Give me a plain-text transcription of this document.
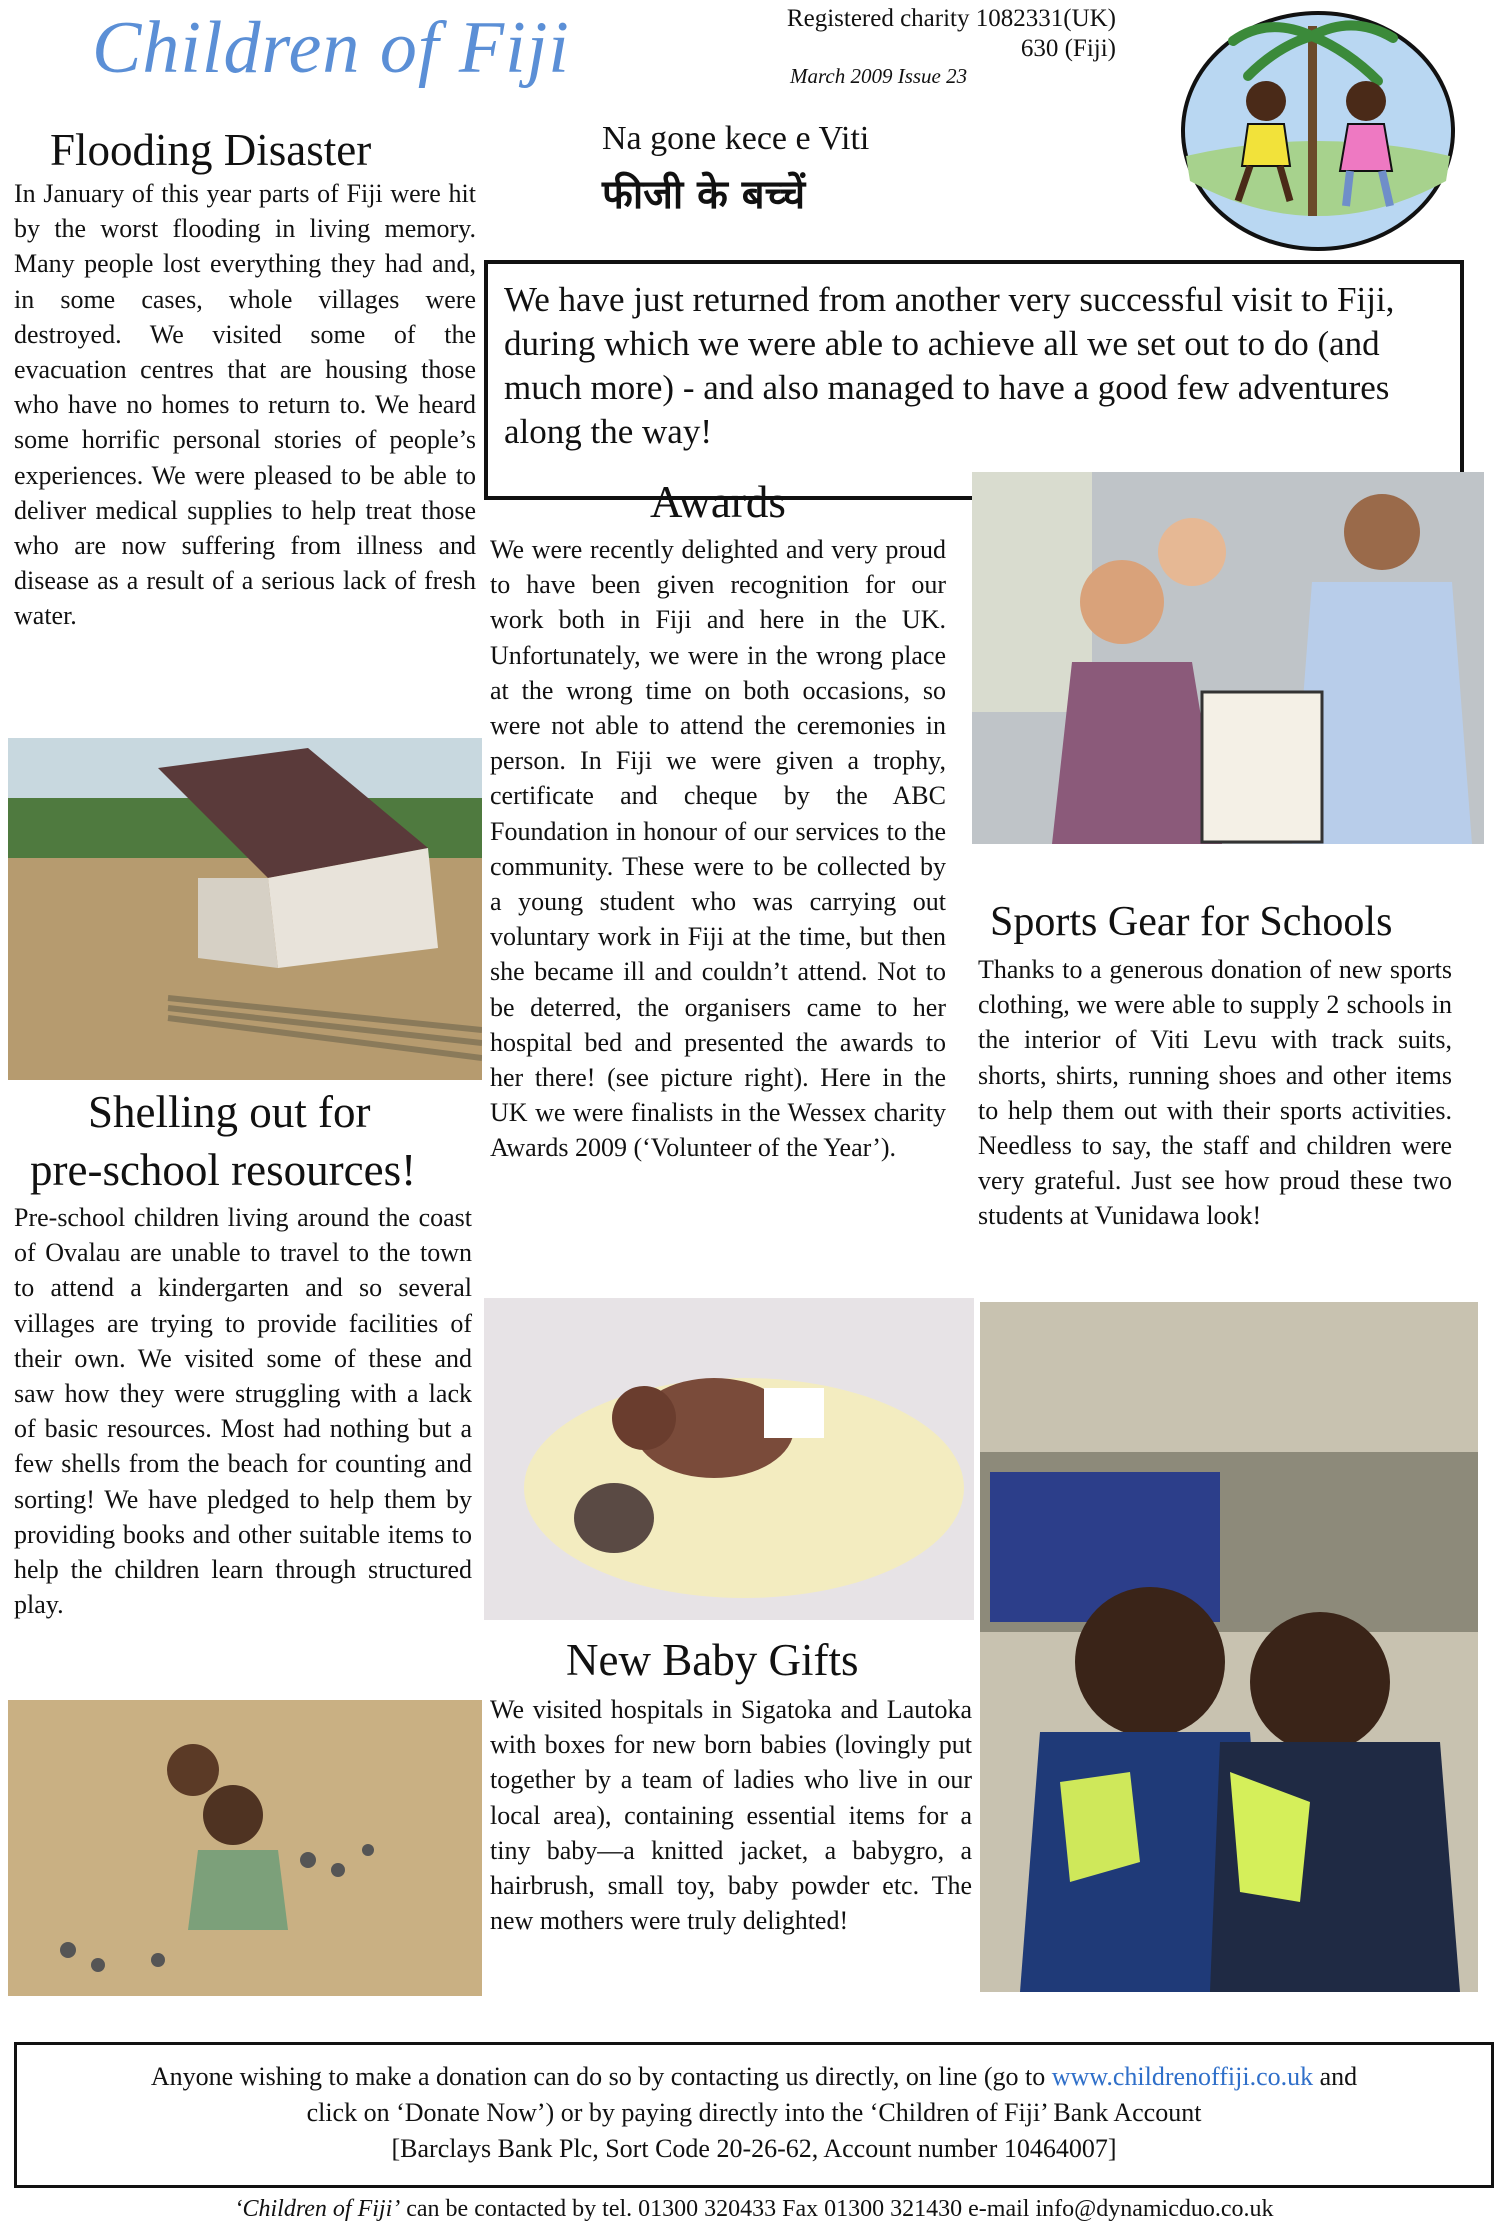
Children of Fiji	Registered charity 1082331(UK)
630 (Fiji)
March 2009 Issue 23
Na gone kece e Viti
फीजी के बच्चें
Flooding Disaster
In January of this year parts of Fiji were hit by the worst flooding in living memory. Many people lost everything they had and, in some cases, whole villages were destroyed. We visited some of the evacuation centres that are housing those who have no homes to return to. We heard some horrific personal stories of people’s experiences. We were pleased to be able to deliver medical supplies to help treat those who are now suffering from illness and disease as a result of a serious lack of fresh water.
We have just returned from another very successful visit to Fiji, during which we were able to achieve all we set out to do (and much more) - and also managed to have a good few adventures along the way!
Awards
We were recently delighted and very proud to have been given recognition for our work both in Fiji and here in the UK. Unfortunately, we were in the wrong place at the wrong time on both occasions, so were not able to attend the ceremonies in person. In Fiji we were given a trophy, certificate and cheque by the ABC Foundation in honour of our services to the community. These were to be collected by a young student who was carrying out voluntary work in Fiji at the time, but then she became ill and couldn’t attend. Not to be deterred, the organisers came to her hospital bed and presented the awards to her there! (see picture right). Here in the UK we were finalists in the Wessex charity Awards 2009 (‘Volunteer of the Year’).
Sports Gear for Schools
Thanks to a generous donation of new sports clothing, we were able to supply 2 schools in the interior of Viti Levu with track suits, shorts, shirts, running shoes and other items to help them out with their sports activities. Needless to say, the staff and children were very grateful. Just see how proud these two students at Vunidawa look!
Shelling out for
pre-school resources!
Pre-school children living around the coast of Ovalau are unable to travel to the town to attend a kindergarten and so several villages are trying to provide facilities of their own. We visited some of these and saw how they were struggling with a lack of basic resources. Most had nothing but a few shells from the beach for counting and sorting! We have pledged to help them by providing books and other suitable items to help the children learn through structured play.
New Baby Gifts
We visited hospitals in Sigatoka and Lautoka with boxes for new born babies (lovingly put together by a team of ladies who live in our local area), containing essential items for a tiny baby—a knitted jacket, a babygro, a hairbrush, small toy, baby powder etc. The new mothers were truly delighted!
Anyone wishing to make a donation can do so by contacting us directly, on line (go to www.childrenoffiji.co.uk and
click on ‘Donate Now’) or by paying directly into the ‘Children of Fiji’ Bank Account
[Barclays Bank Plc, Sort Code 20-26-62, Account number 10464007]
‘Children of Fiji’ can be contacted by tel. 01300 320433 Fax 01300 321430 e-mail info@dynamicduo.co.uk
